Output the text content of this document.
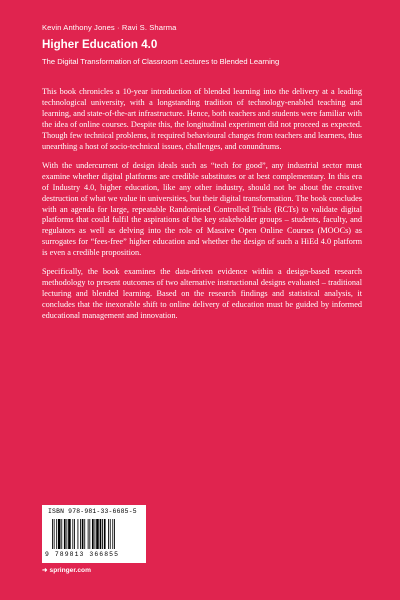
Kevin Anthony Jones · Ravi S. Sharma
Higher Education 4.0
The Digital Transformation of Classroom Lectures to Blended Learning

This book chronicles a 10-year introduction of blended learning into the delivery at a leading technological university, with a longstanding tradition of technology-enabled teaching and learning, and state-of-the-art infrastructure. Hence, both teachers and students were familiar with the idea of online courses. Despite this, the longitudinal experiment did not proceed as expected. Though few technical problems, it required behavioural changes from teachers and learners, thus unearthing a host of socio-technical issues, challenges, and conundrums.

With the undercurrent of design ideals such as “tech for good”, any industrial sector must examine whether digital platforms are credible substitutes or at best complementary. In this era of Industry 4.0, higher education, like any other industry, should not be about the creative destruction of what we value in universities, but their digital transformation. The book concludes with an agenda for large, repeatable Randomised Controlled Trials (RCTs) to validate digital platforms that could fulfil the aspirations of the key stakeholder groups – students, faculty, and regulators as well as delving into the role of Massive Open Online Courses (MOOCs) as surrogates for “fees-free” higher education and whether the design of such a HiEd 4.0 platform is even a credible proposition.

Specifically, the book examines the data-driven evidence within a design-based research methodology to present outcomes of two alternative instructional designs evaluated – traditional lecturing and blended learning. Based on the research findings and statistical analysis, it concludes that the inexorable shift to online delivery of education must be guided by informed educational management and innovation.

ISBN 978-981-33-6685-5
9 789813 366855
➜ springer.com
